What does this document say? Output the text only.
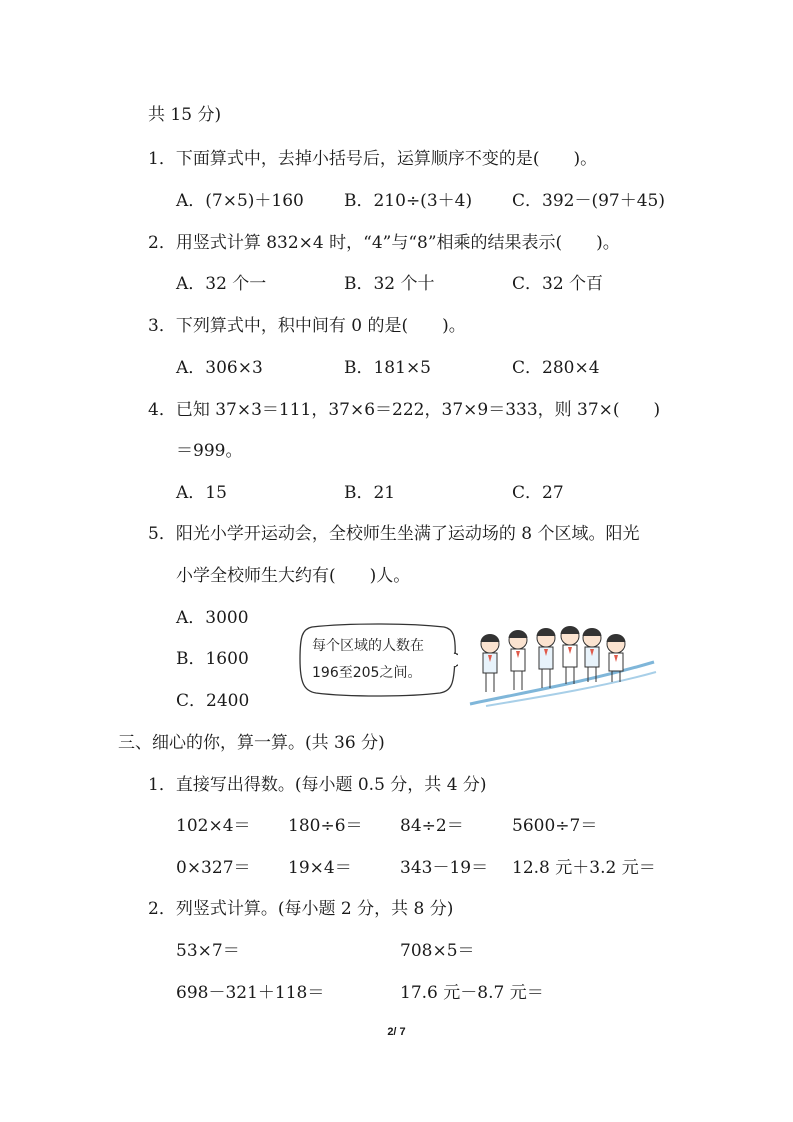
共 15 分)
1．下面算式中，去掉小括号后，运算顺序不变的是(　　)。
A．(7×5)＋160 B．210÷(3＋4) C．392－(97＋45)
2．用竖式计算 832×4 时，“4”与“8”相乘的结果表示(　　)。
A．32 个一	B．32 个十	C．32 个百
3．下列算式中，积中间有 0 的是(　　)。
A．306×3	B．181×5	C．280×4
4．已知 37×3＝111，37×6＝222，37×9＝333，则 37×(　　)
＝999。
A．15	B．21	C．27
5．阳光小学开运动会，全校师生坐满了运动场的 8 个区域。阳光
小学全校师生大约有(　　)人。
A．3000
B．1600
C．2400
每个区域的人数在
196至205之间。
三、细心的你，算一算。(共 36 分)
1．直接写出得数。(每小题 0.5 分，共 4 分)
102×4＝ 180÷6＝ 84÷2＝	5600÷7＝
0×327＝ 19×4＝	343－19＝ 12.8 元＋3.2 元＝
2．列竖式计算。(每小题 2 分，共 8 分)
53×7＝	708×5＝
698－321＋118＝	17.6 元－8.7 元＝
2/ 7
